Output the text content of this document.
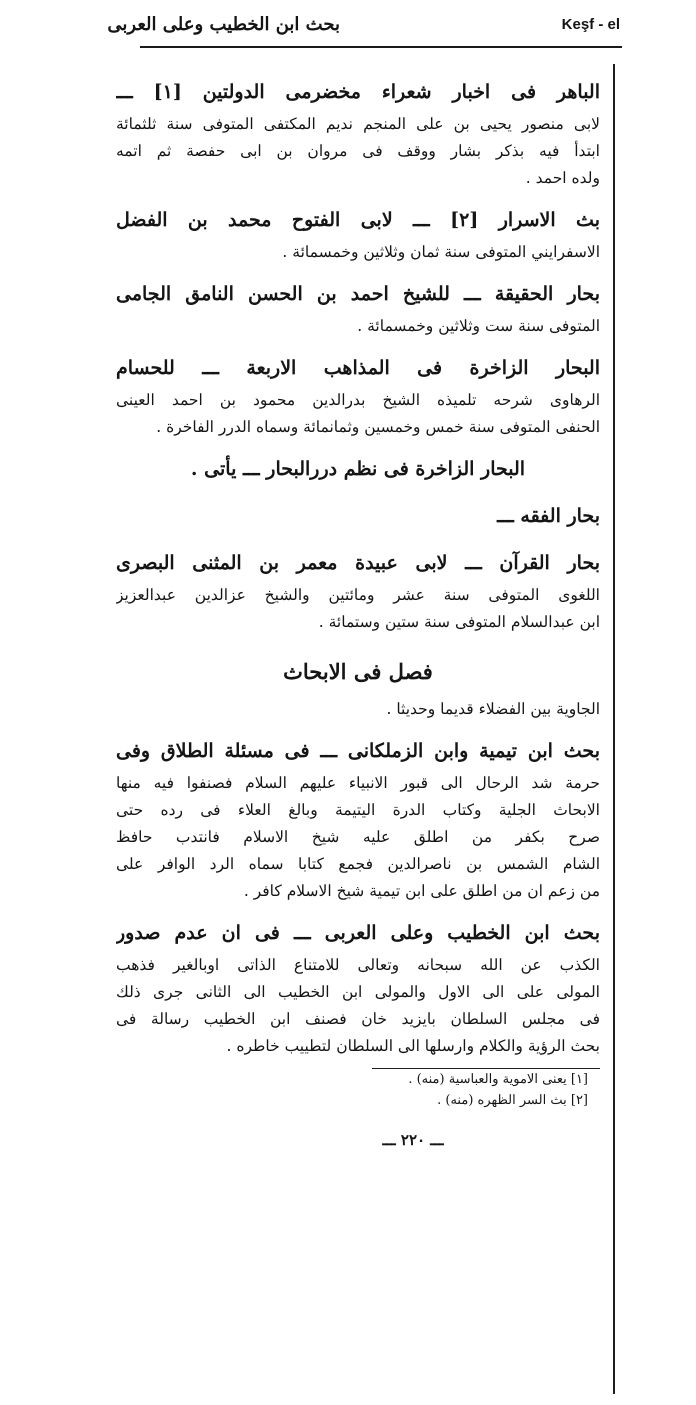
بحث ابن الخطيب وعلى العربى	Keşf - el
الباهر فى اخبار شعراء مخضرمى الدولتين [١] ـــ
لابى منصور يحيى بن على المنجم نديم المكتفى المتوفى سنة ثلثمائة
ابتدأ فيه بذكر بشار ووقف فى مروان بن ابى حفصة ثم اتمه
ولده احمد .
بث الاسرار [٢] ـــ لابى الفتوح محمد بن الفضل
الاسفرايني المتوفى سنة ثمان وثلاثين وخمسمائة .
بحار الحقيقة ـــ للشيخ احمد بن الحسن النامق الجامى
المتوفى سنة ست وثلاثين وخمسمائة .
البحار الزاخرة فى المذاهب الاربعة ـــ للحسام
الرهاوى شرحه تلميذه الشيخ بدرالدين محمود بن احمد العينى
الحنفى المتوفى سنة خمس وخمسين وثمانمائة وسماه الدرر الفاخرة .
البحار الزاخرة فى نظم دررالبحار ـــ يأتى .
بحار الفقه ـــ
بحار القرآن ـــ لابى عبيدة معمر بن المثنى البصرى
اللغوى المتوفى سنة عشر ومائتين والشيخ عزالدين عبدالعزيز
ابن عبدالسلام المتوفى سنة ستين وستمائة .
فصل فى الابحاث
الجاوية بين الفضلاء قديما وحديثا .
بحث ابن تيمية وابن الزملكانى ـــ فى مسئلة الطلاق وفى
حرمة شد الرحال الى قبور الانبياء عليهم السلام فصنفوا فيه منها
الابحاث الجلية وكتاب الدرة اليتيمة وبالغ العلاء فى رده حتى
صرح بكفر من اطلق عليه شيخ الاسلام فانتدب حافظ
الشام الشمس بن ناصرالدين فجمع كتابا سماه الرد الوافر على
من زعم ان من اطلق على ابن تيمية شيخ الاسلام كافر .
بحث ابن الخطيب وعلى العربى ـــ فى ان عدم صدور
الكذب عن الله سبحانه وتعالى للامتناع الذاتى اوبالغير فذهب
المولى على الى الاول والمولى ابن الخطيب الى الثانى جرى ذلك
فى مجلس السلطان بايزيد خان فصنف ابن الخطيب رسالة فى
بحث الرؤية والكلام وارسلها الى السلطان لتطييب خاطره .
[١] يعنى الاموية والعباسية (منه) .
[٢] بث السر الظهره (منه) .
ـــ ٢٢٠ ـــ
